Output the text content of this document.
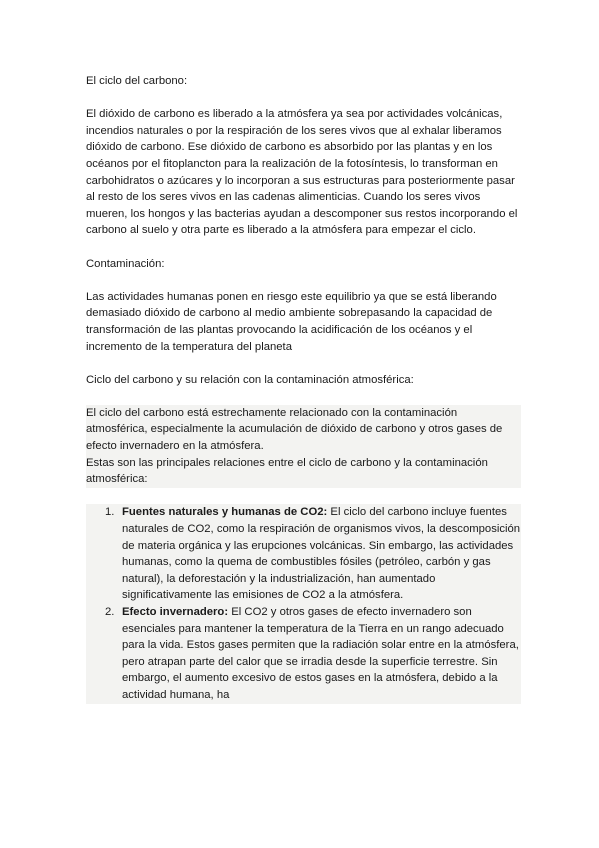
El ciclo del carbono:

El dióxido de carbono es liberado a la atmósfera ya sea por actividades volcánicas, incendios naturales o por la respiración de los seres vivos que al exhalar liberamos dióxido de carbono. Ese dióxido de carbono es absorbido por las plantas y en los océanos por el fitoplancton para la realización de la fotosíntesis, lo transforman en carbohidratos o azúcares y lo incorporan a sus estructuras para posteriormente pasar al resto de los seres vivos en las cadenas alimenticias. Cuando los seres vivos mueren, los hongos y las bacterias ayudan a descomponer sus restos incorporando el carbono al suelo y otra parte es liberado a la atmósfera para empezar el ciclo.

Contaminación:

Las actividades humanas ponen en riesgo este equilibrio ya que se está liberando demasiado dióxido de carbono al medio ambiente sobrepasando la capacidad de transformación de las plantas provocando la acidificación de los océanos y el incremento de la temperatura del planeta

Ciclo del carbono y su relación con la contaminación atmosférica:

El ciclo del carbono está estrechamente relacionado con la contaminación atmosférica, especialmente la acumulación de dióxido de carbono y otros gases de efecto invernadero en la atmósfera.

Estas son las principales relaciones entre el ciclo de carbono y la contaminación atmosférica:

1. Fuentes naturales y humanas de CO2: El ciclo del carbono incluye fuentes naturales de CO2, como la respiración de organismos vivos, la descomposición de materia orgánica y las erupciones volcánicas. Sin embargo, las actividades humanas, como la quema de combustibles fósiles (petróleo, carbón y gas natural), la deforestación y la industrialización, han aumentado significativamente las emisiones de CO2 a la atmósfera.
2. Efecto invernadero: El CO2 y otros gases de efecto invernadero son esenciales para mantener la temperatura de la Tierra en un rango adecuado para la vida. Estos gases permiten que la radiación solar entre en la atmósfera, pero atrapan parte del calor que se irradia desde la superficie terrestre. Sin embargo, el aumento excesivo de estos gases en la atmósfera, debido a la actividad humana, ha
